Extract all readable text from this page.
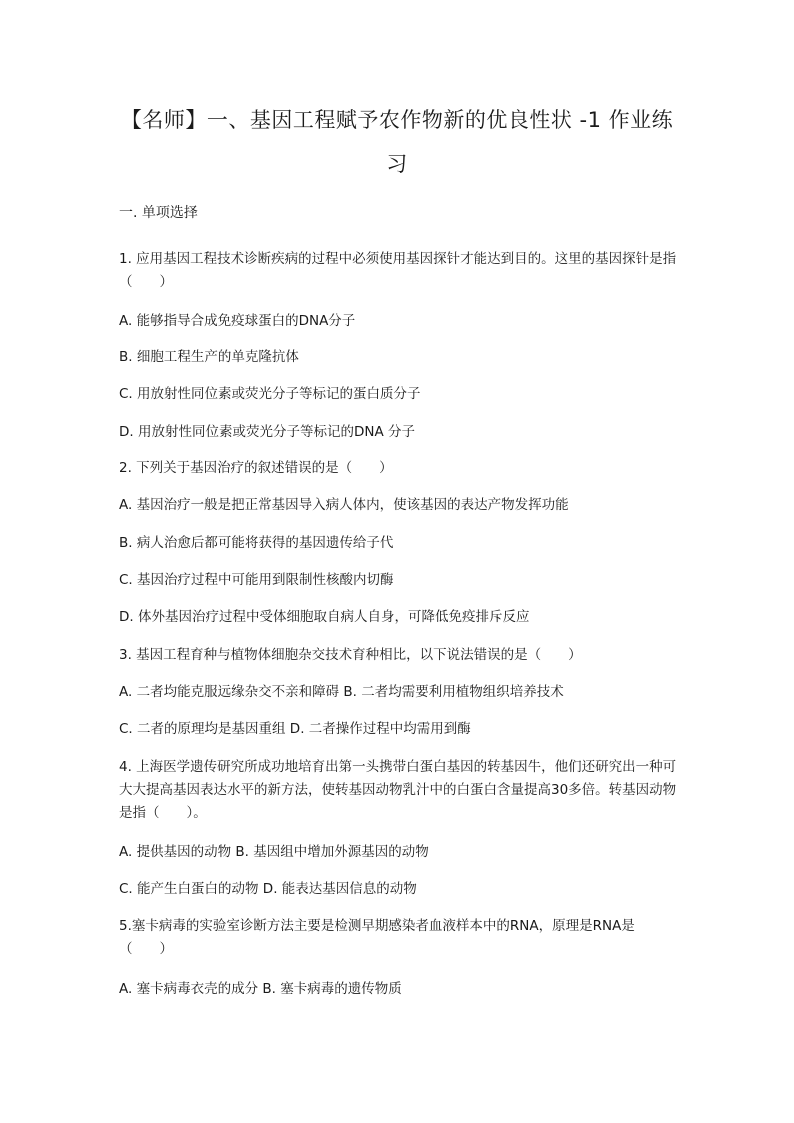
【名师】一、基因工程赋予农作物新的优良性状 -1 作业练习
一. 单项选择
1. 应用基因工程技术诊断疾病的过程中必须使用基因探针才能达到目的。这里的基因探针是指（　　）
A. 能够指导合成免疫球蛋白的DNA分子
B. 细胞工程生产的单克隆抗体
C. 用放射性同位素或荧光分子等标记的蛋白质分子
D. 用放射性同位素或荧光分子等标记的DNA 分子
2. 下列关于基因治疗的叙述错误的是（　　）
A. 基因治疗一般是把正常基因导入病人体内，使该基因的表达产物发挥功能
B. 病人治愈后都可能将获得的基因遗传给子代
C. 基因治疗过程中可能用到限制性核酸内切酶
D. 体外基因治疗过程中受体细胞取自病人自身，可降低免疫排斥反应
3. 基因工程育种与植物体细胞杂交技术育种相比，以下说法错误的是（　　）
A. 二者均能克服远缘杂交不亲和障碍 B. 二者均需要利用植物组织培养技术
C. 二者的原理均是基因重组 D. 二者操作过程中均需用到酶
4. 上海医学遗传研究所成功地培育出第一头携带白蛋白基因的转基因牛，他们还研究出一种可大大提高基因表达水平的新方法，使转基因动物乳汁中的白蛋白含量提高30多倍。转基因动物是指（　　）。
A. 提供基因的动物 B. 基因组中增加外源基因的动物
C. 能产生白蛋白的动物 D. 能表达基因信息的动物
5.塞卡病毒的实验室诊断方法主要是检测早期感染者血液样本中的RNA，原理是RNA是（　　）
A. 塞卡病毒衣壳的成分 B. 塞卡病毒的遗传物质
